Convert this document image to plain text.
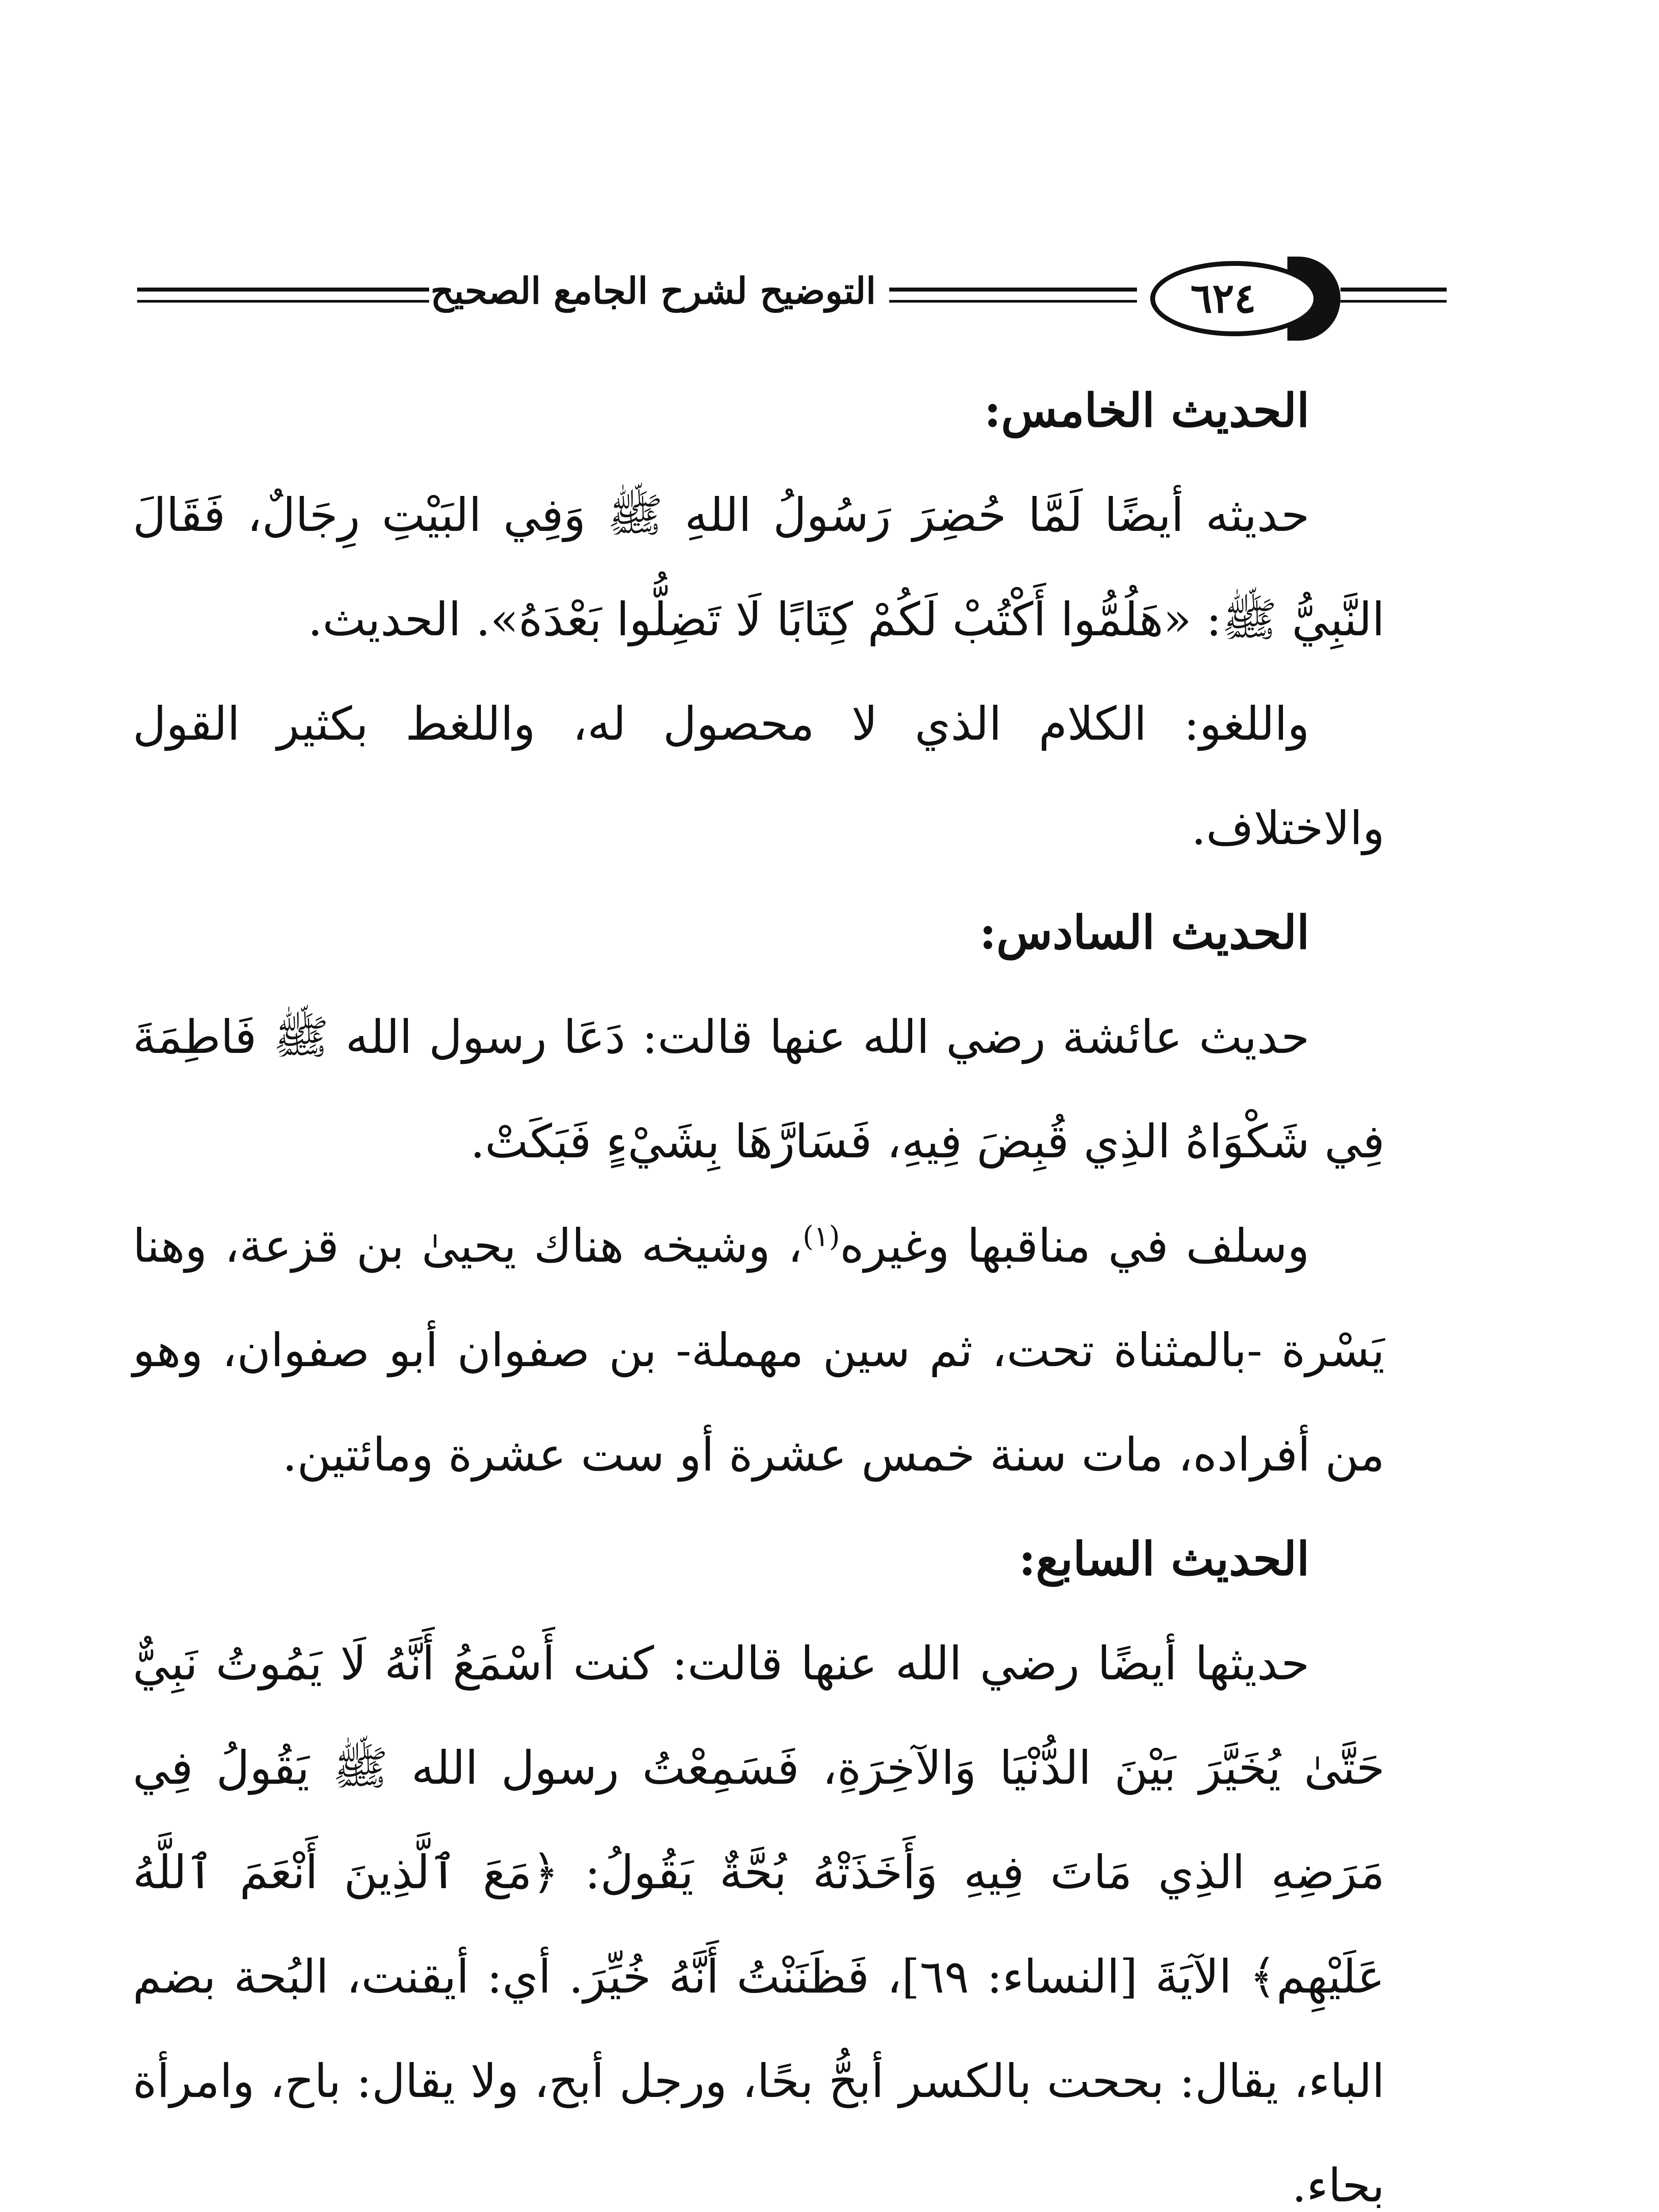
التوضيح لشرح الجامع الصحيح	٦٢٤
الحديث الخامس:

حديثه أيضًا لَمَّا حُضِرَ رَسُولُ اللهِ ﷺ وَفِي البَيْتِ رِجَالٌ، فَقَالَ النَّبِيُّ ﷺ: «هَلُمُّوا أَكْتُبْ لَكُمْ كِتَابًا لَا تَضِلُّوا بَعْدَهُ». الحديث.

واللغو: الكلام الذي لا محصول له، واللغط بكثير القول والاختلاف.

الحديث السادس:

حديث عائشة رضي الله عنها قالت: دَعَا رسول الله ﷺ فَاطِمَةَ فِي شَكْوَاهُ الذِي قُبِضَ فِيهِ، فَسَارَّهَا بِشَيْءٍ فَبَكَتْ.

وسلف في مناقبها وغيره$^{(١)}$، وشيخه هناك يحيىٰ بن قزعة، وهنا يَسْرة -بالمثناة تحت، ثم سين مهملة- بن صفوان أبو صفوان، وهو من أفراده، مات سنة خمس عشرة أو ست عشرة ومائتين.

الحديث السابع:

حديثها أيضًا رضي الله عنها قالت: كنت أَسْمَعُ أَنَّهُ لَا يَمُوتُ نَبِيٌّ حَتَّىٰ يُخَيَّرَ بَيْنَ الدُّنْيَا وَالآخِرَةِ، فَسَمِعْتُ رسول الله ﷺ يَقُولُ فِي مَرَضِهِ الذِي مَاتَ فِيهِ وَأَخَذَتْهُ بُحَّةٌ يَقُولُ: ﴿مَعَ ٱلَّذِينَ أَنْعَمَ ٱللَّهُ عَلَيْهِم﴾ الآيَةَ [النساء: ٦٩]، فَظَنَنْتُ أَنَّهُ خُيِّرَ. أي: أيقنت، البُحة بضم الباء، يقال: بححت بالكسر أبحُّ بحًا، ورجل أبح، ولا يقال: باح، وامرأة بحاء.
